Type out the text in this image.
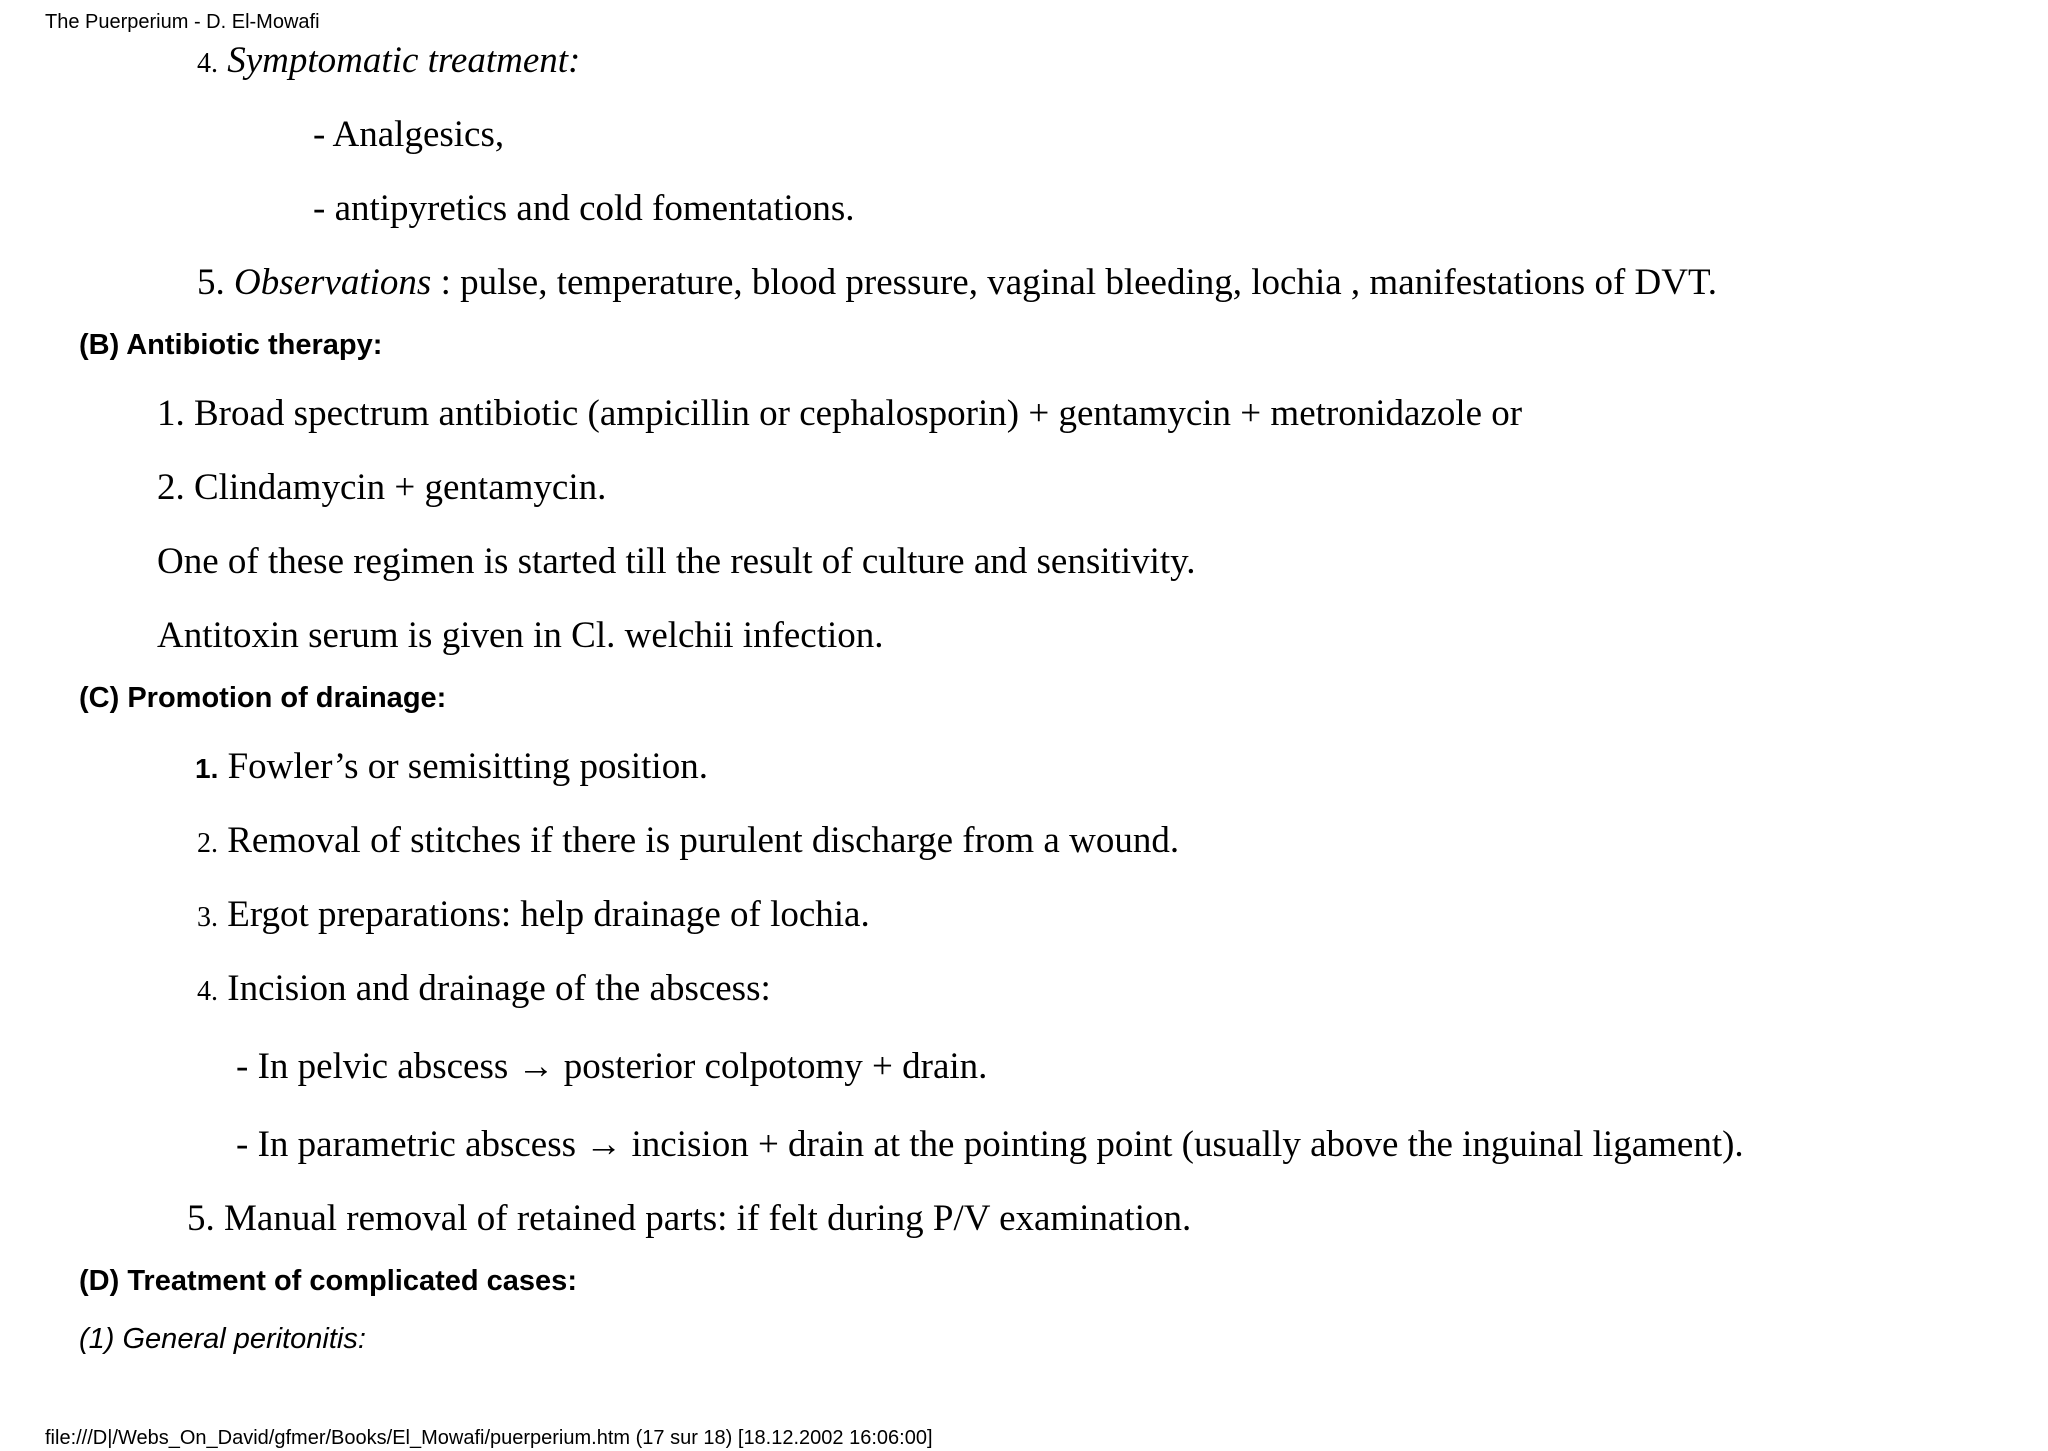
The Puerperium - D. El-Mowafi
4. Symptomatic treatment:
- Analgesics,
- antipyretics and cold fomentations.
5. Observations : pulse, temperature, blood pressure, vaginal bleeding, lochia , manifestations of DVT.
(B) Antibiotic therapy:
1. Broad spectrum antibiotic (ampicillin or cephalosporin) + gentamycin + metronidazole or
2. Clindamycin + gentamycin.
One of these regimen is started till the result of culture and sensitivity.
Antitoxin serum is given in Cl. welchii infection.
(C) Promotion of drainage:
1. Fowler’s or semisitting position.
2. Removal of stitches if there is purulent discharge from a wound.
3. Ergot preparations: help drainage of lochia.
4. Incision and drainage of the abscess:
- In pelvic abscess → posterior colpotomy + drain.
- In parametric abscess → incision + drain at the pointing point (usually above the inguinal ligament).
5. Manual removal of retained parts: if felt during P/V examination.
(D) Treatment of complicated cases:
(1) General peritonitis:
file:///D|/Webs_On_David/gfmer/Books/El_Mowafi/puerperium.htm (17 sur 18) [18.12.2002 16:06:00]
